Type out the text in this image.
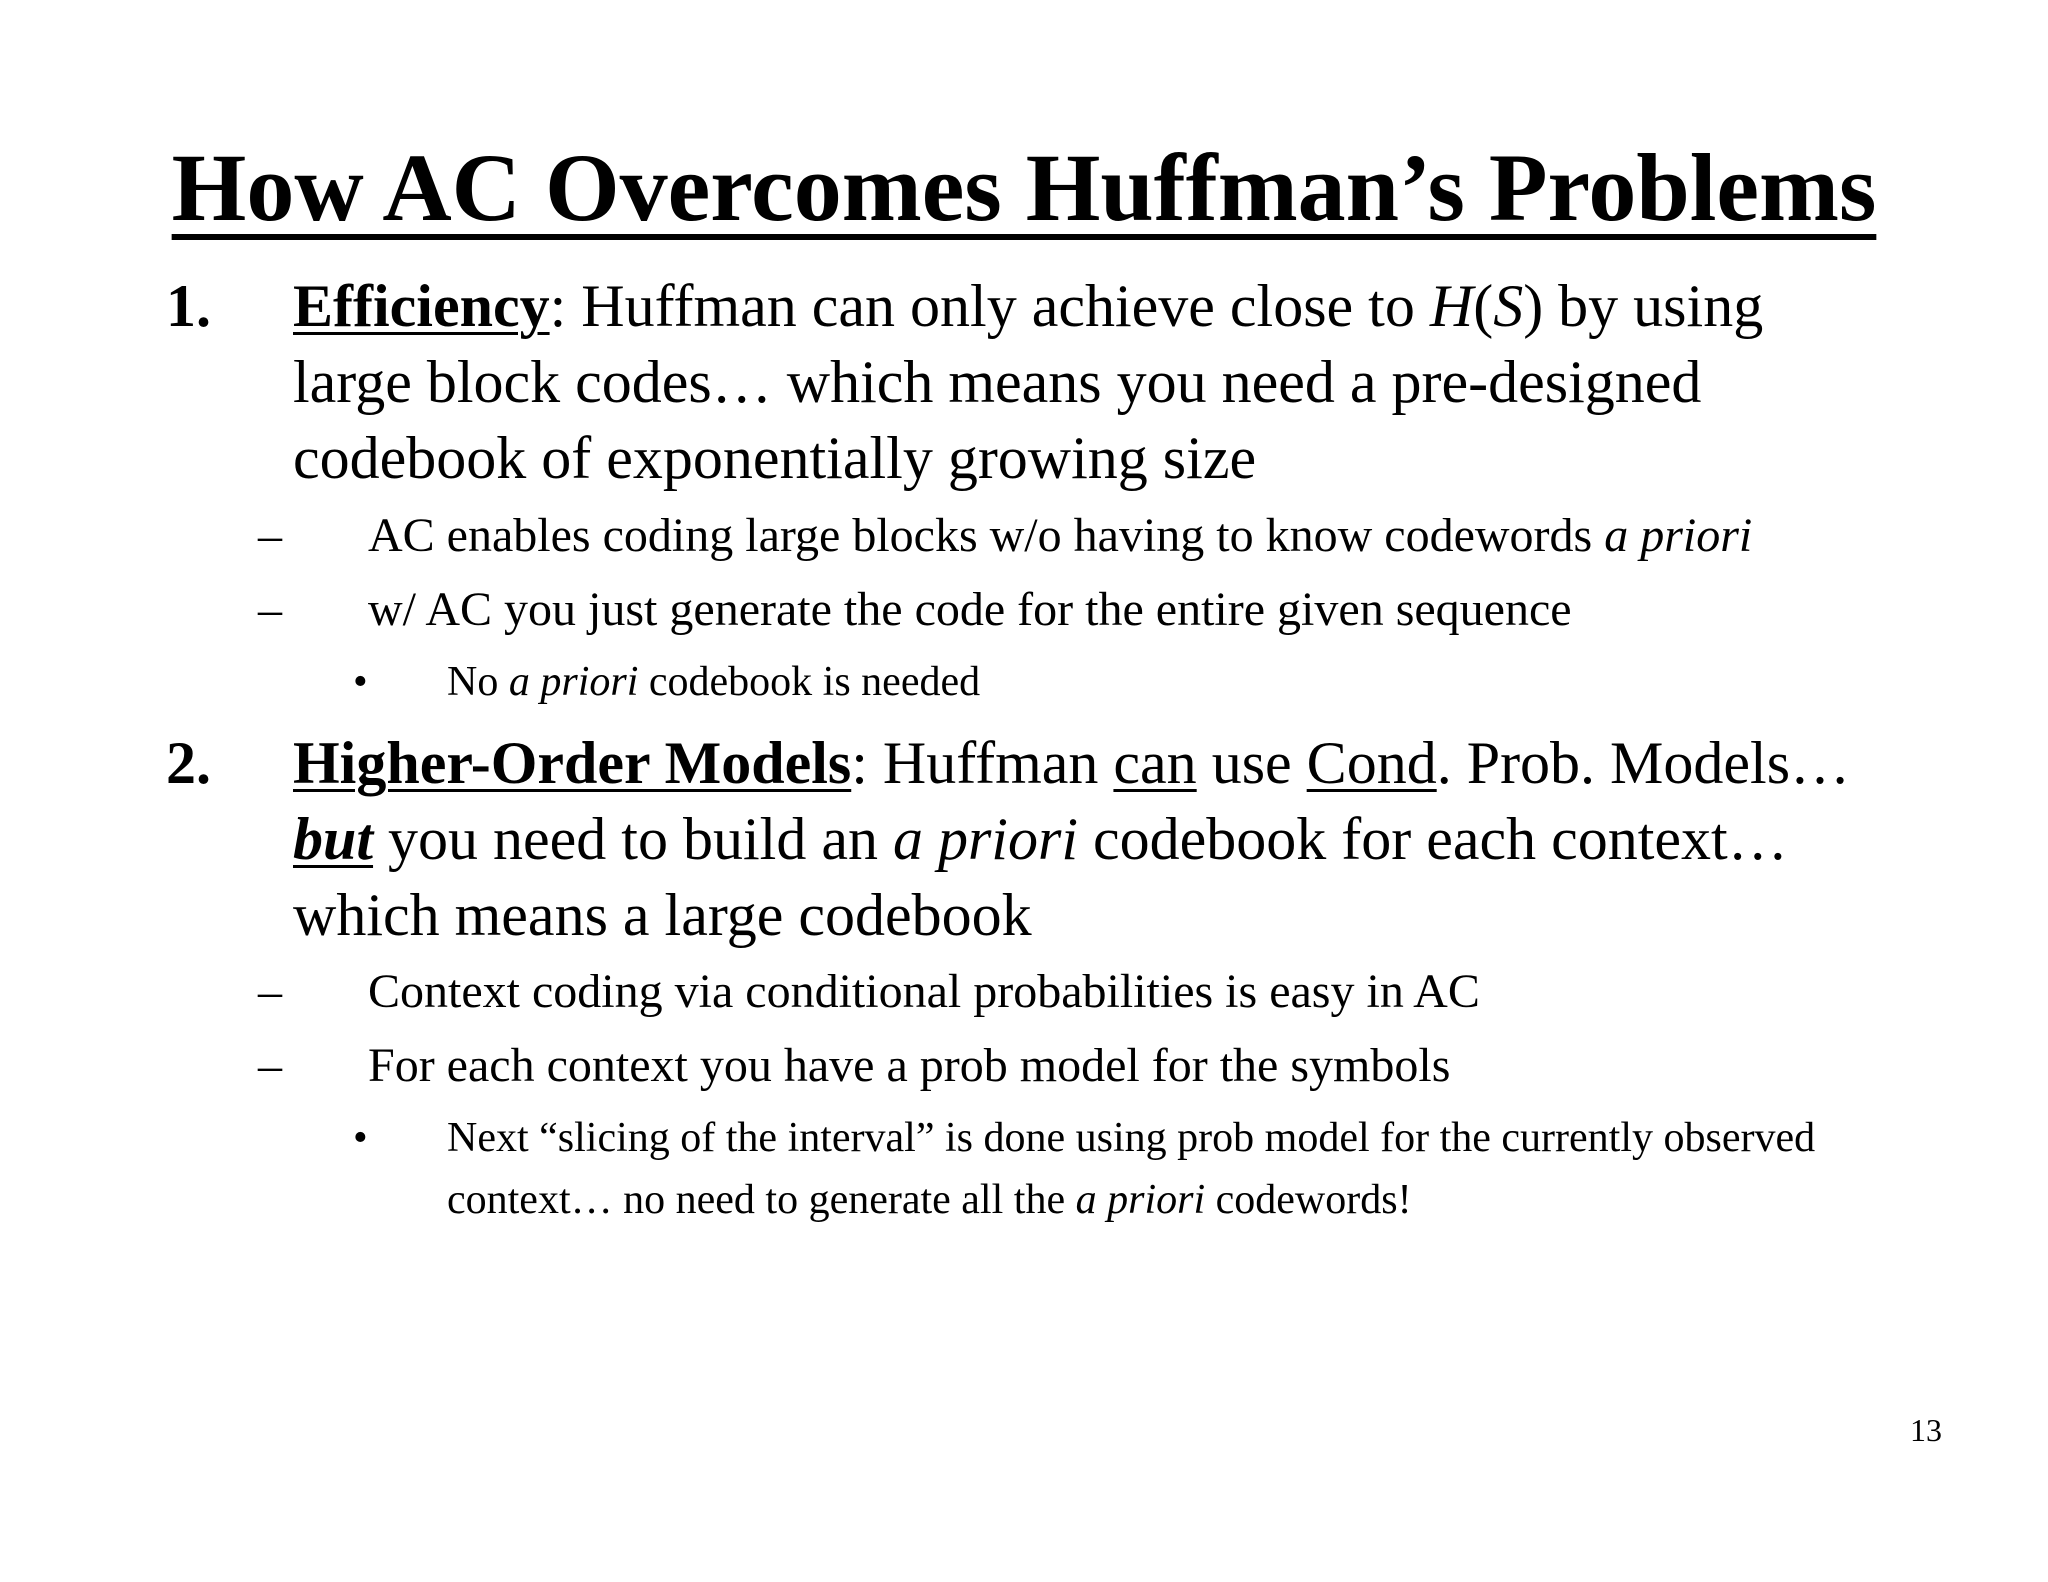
How AC Overcomes Huffman’s Problems
1. Efficiency: Huffman can only achieve close to H(S) by using large block codes… which means you need a pre-designed codebook of exponentially growing size
– AC enables coding large blocks w/o having to know codewords a priori
– w/ AC you just generate the code for the entire given sequence
• No a priori codebook is needed
2. Higher-Order Models: Huffman can use Cond. Prob. Models… but you need to build an a priori codebook for each context… which means a large codebook
– Context coding via conditional probabilities is easy in AC
– For each context you have a prob model for the symbols
• Next “slicing of the interval” is done using prob model for the currently observed context… no need to generate all the a priori codewords!
13
